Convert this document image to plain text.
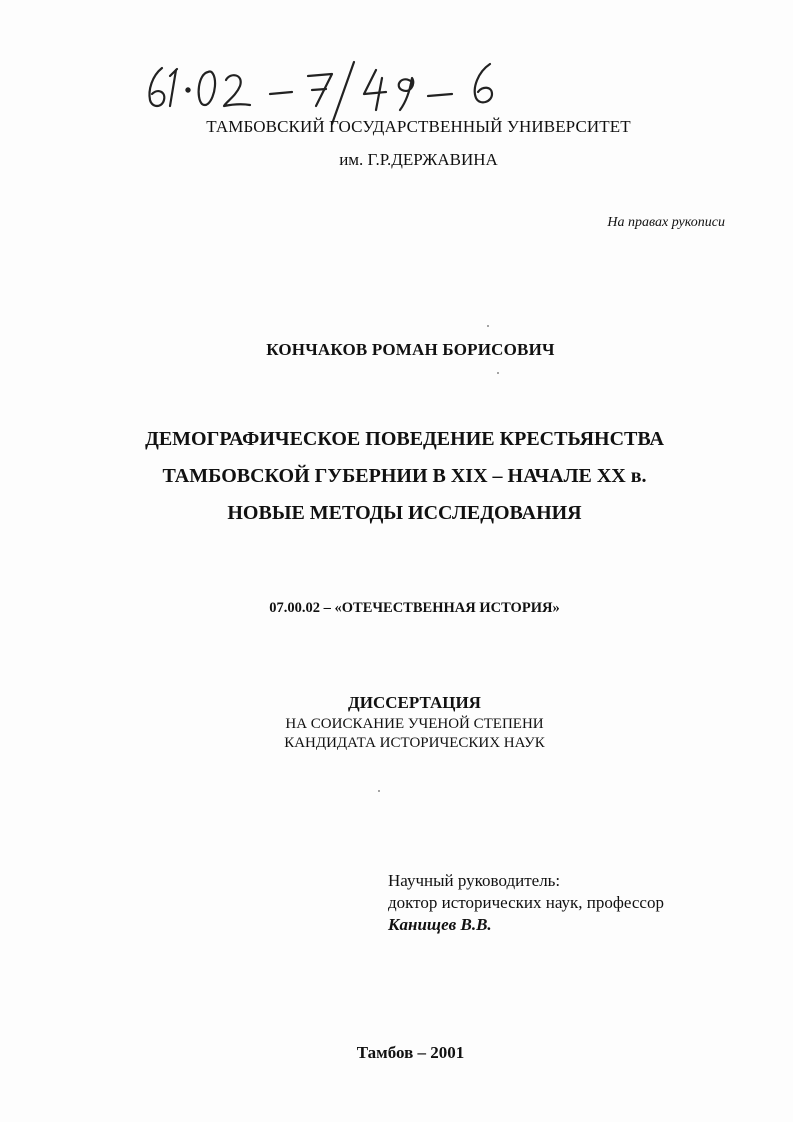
ТАМБОВСКИЙ ГОСУДАРСТВЕННЫЙ УНИВЕРСИТЕТ
им. Г.Р.ДЕРЖАВИНА
На правах рукописи
КОНЧАКОВ РОМАН БОРИСОВИЧ
ДЕМОГРАФИЧЕСКОЕ ПОВЕДЕНИЕ КРЕСТЬЯНСТВА
ТАМБОВСКОЙ ГУБЕРНИИ В XIX – НАЧАЛЕ XX в.
НОВЫЕ МЕТОДЫ ИССЛЕДОВАНИЯ
07.00.02 – «ОТЕЧЕСТВЕННАЯ ИСТОРИЯ»
ДИССЕРТАЦИЯ
НА СОИСКАНИЕ УЧЕНОЙ СТЕПЕНИ
КАНДИДАТА ИСТОРИЧЕСКИХ НАУК
Научный руководитель:
доктор исторических наук, профессор
Канищев В.В.
Тамбов – 2001
